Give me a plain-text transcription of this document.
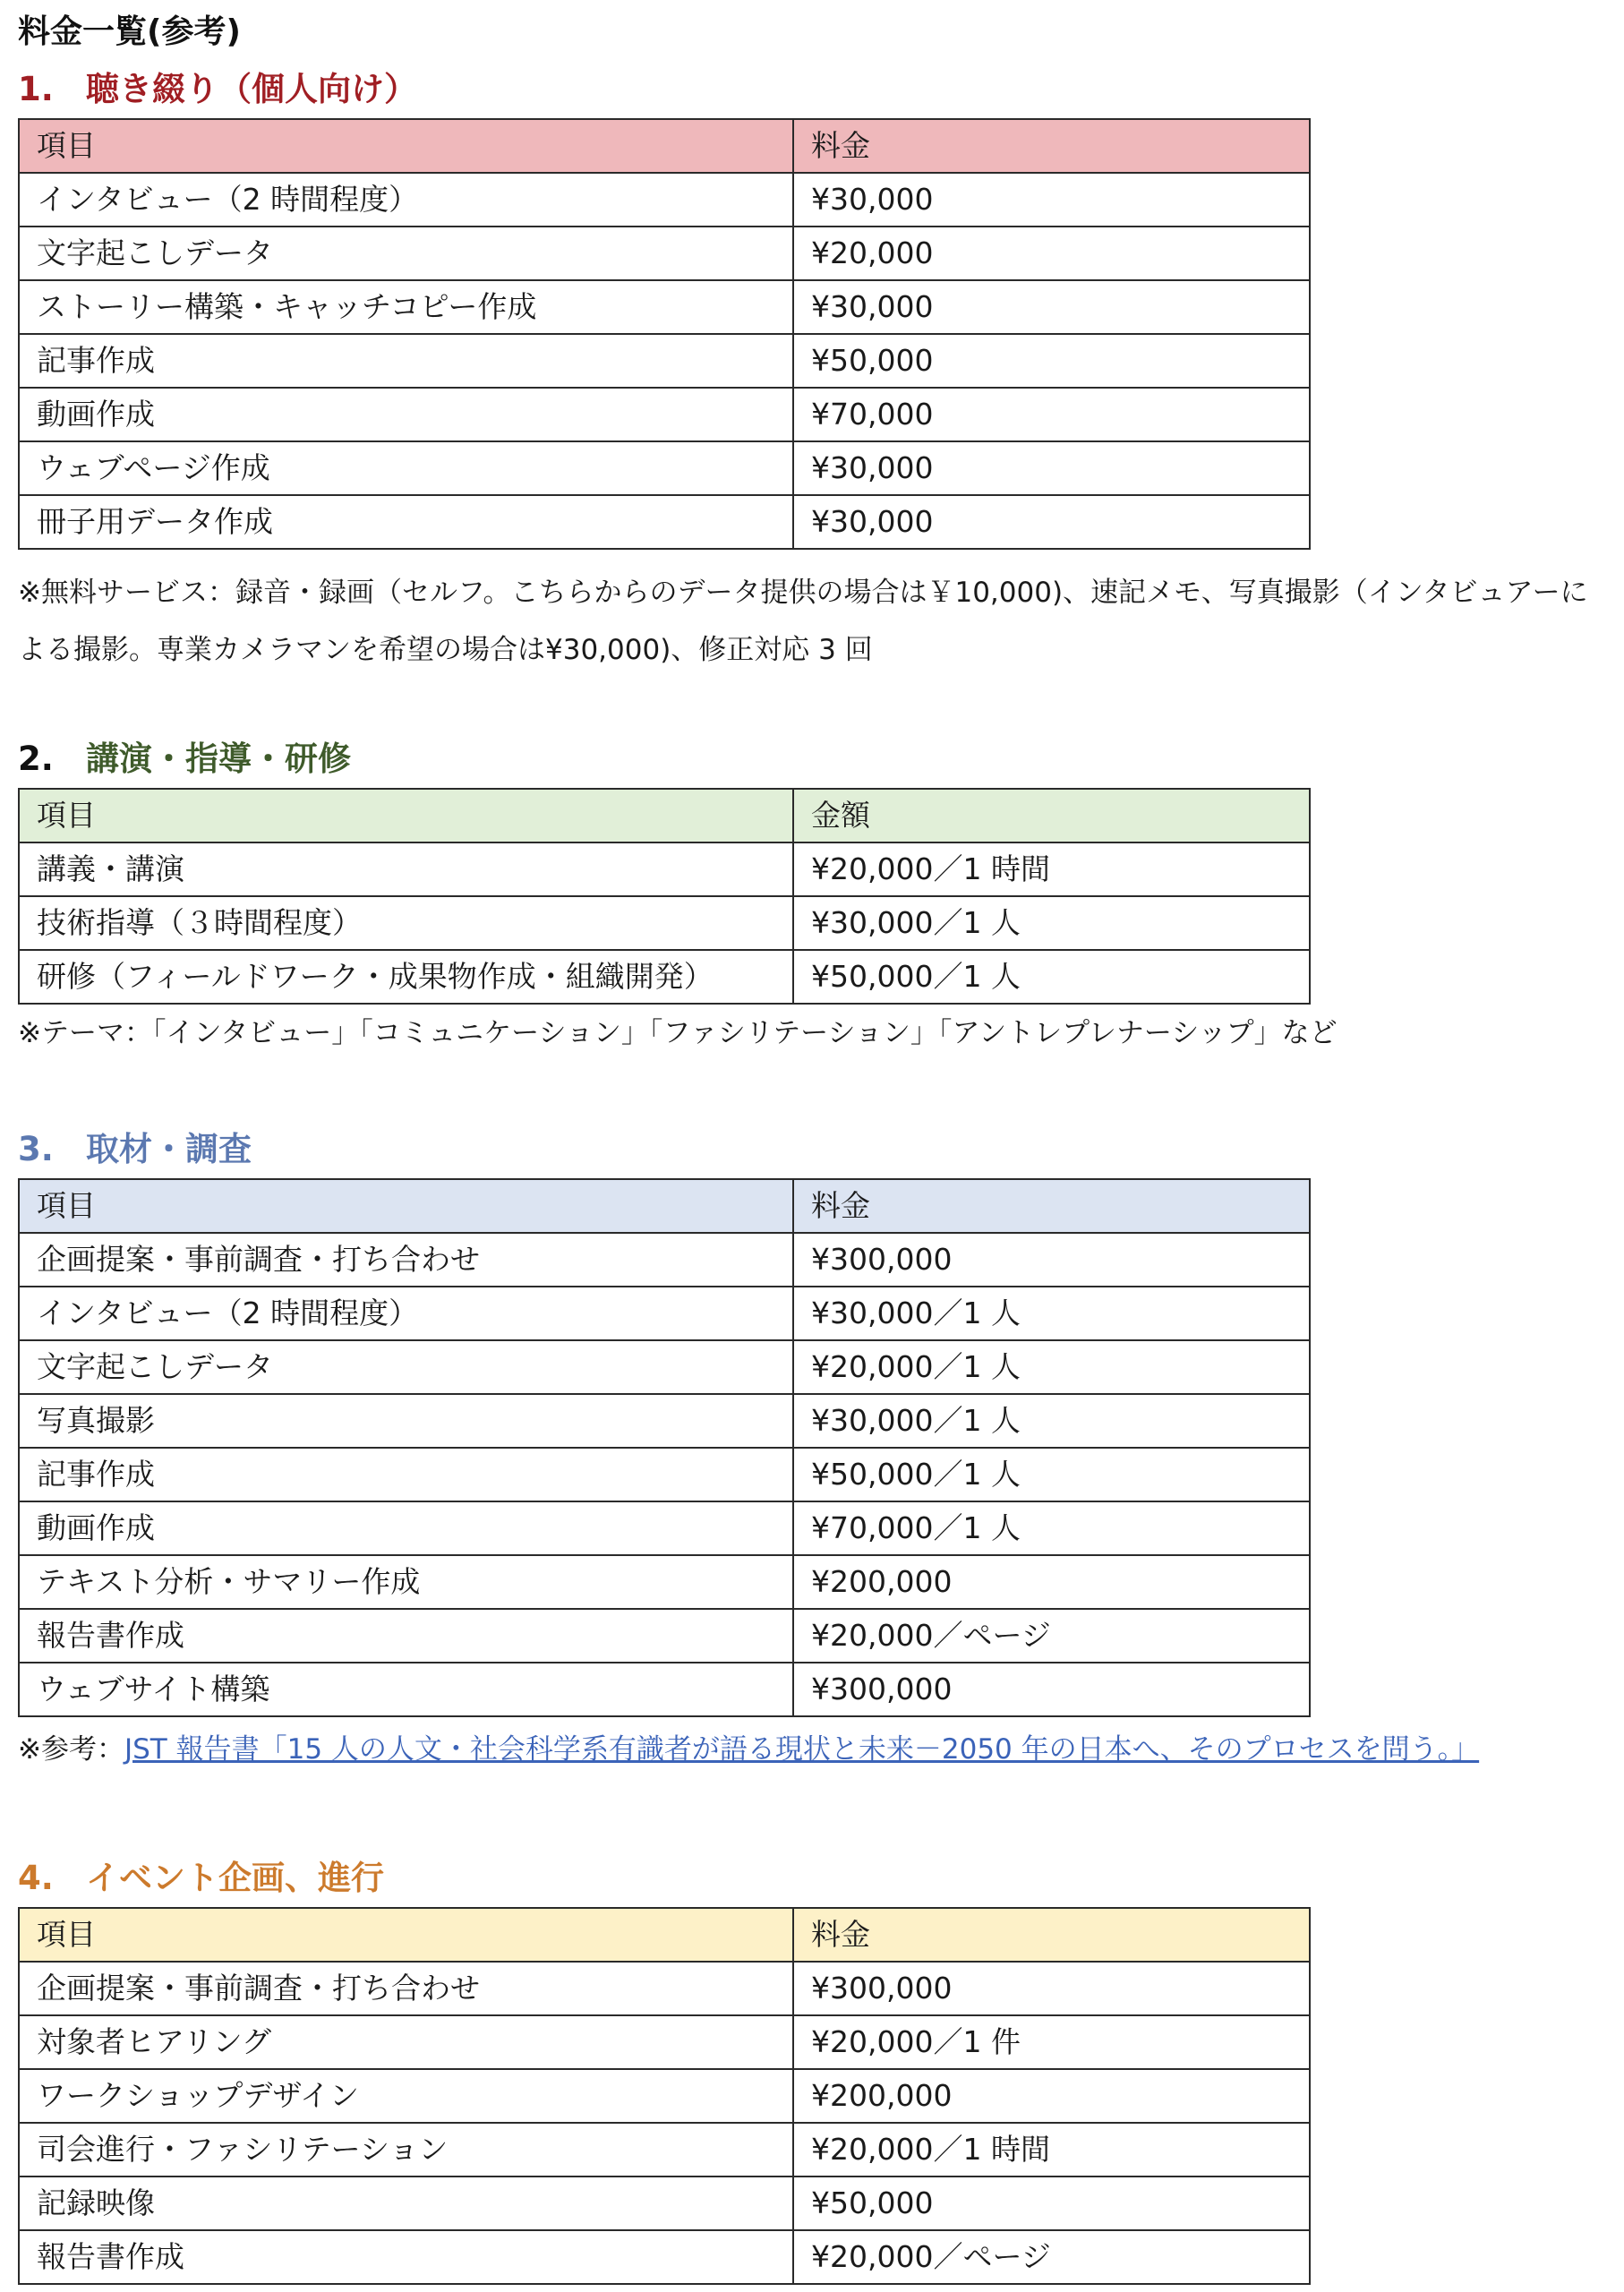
料金一覧(参考)
1. 聴き綴り（個人向け）
項目	料金
インタビュー（2 時間程度）	¥30,000
文字起こしデータ	¥20,000
ストーリー構築・キャッチコピー作成	¥30,000
記事作成	¥50,000
動画作成	¥70,000
ウェブページ作成	¥30,000
冊子用データ作成	¥30,000
※無料サービス：録音・録画（セルフ。こちらからのデータ提供の場合は￥10,000)、速記メモ、写真撮影（インタビュアーによる撮影。専業カメラマンを希望の場合は¥30,000)、修正対応 3 回
2. 講演・指導・研修
項目	金額
講義・講演	¥20,000／1 時間
技術指導（３時間程度）	¥30,000／1 人
研修（フィールドワーク・成果物作成・組織開発）	¥50,000／1 人
※テーマ：「インタビュー」「コミュニケーション」「ファシリテーション」「アントレプレナーシップ」など
3. 取材・調査
項目	料金
企画提案・事前調査・打ち合わせ	¥300,000
インタビュー（2 時間程度）	¥30,000／1 人
文字起こしデータ	¥20,000／1 人
写真撮影	¥30,000／1 人
記事作成	¥50,000／1 人
動画作成	¥70,000／1 人
テキスト分析・サマリー作成	¥200,000
報告書作成	¥20,000／ページ
ウェブサイト構築	¥300,000
※参考：JST 報告書「15 人の人文・社会科学系有識者が語る現状と未来－2050 年の日本へ、そのプロセスを問う。」
4. イベント企画、進行
項目	料金
企画提案・事前調査・打ち合わせ	¥300,000
対象者ヒアリング	¥20,000／1 件
ワークショップデザイン	¥200,000
司会進行・ファシリテーション	¥20,000／1 時間
記録映像	¥50,000
報告書作成	¥20,000／ページ
